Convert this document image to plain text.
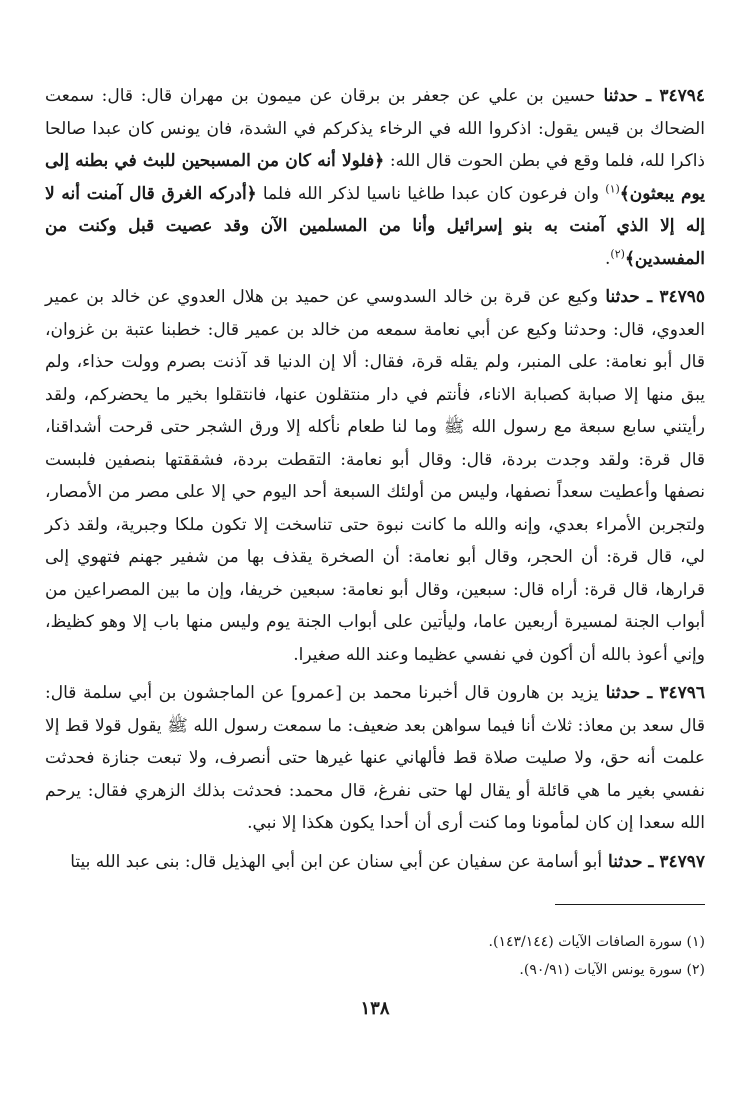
٣٤٧٩٤ ـ حدثنا حسين بن علي عن جعفر بن برقان عن ميمون بن مهران قال: قال: سمعت الضحاك بن قيس يقول: اذكروا الله في الرخاء يذكركم في الشدة، فان يونس كان عبدا صالحا ذاكرا لله، فلما وقع في بطن الحوت قال الله: ﴿فلولا أنه كان من المسبحين للبث في بطنه إلى يوم يبعثون﴾$^{(١)}$ وان فرعون كان عبدا طاغيا ناسيا لذكر الله فلما ﴿أدركه الغرق قال آمنت أنه لا إله إلا الذي آمنت به بنو إسرائيل وأنا من المسلمين الآن وقد عصيت قبل وكنت من المفسدين﴾$^{(٢)}$.

٣٤٧٩٥ ـ حدثنا وكيع عن قرة بن خالد السدوسي عن حميد بن هلال العدوي عن خالد بن عمير العدوي، قال: وحدثنا وكيع عن أبي نعامة سمعه من خالد بن عمير قال: خطبنا عتبة بن غزوان، قال أبو نعامة: على المنبر، ولم يقله قرة، فقال: ألا إن الدنيا قد آذنت بصرم وولت حذاء، ولم يبق منها إلا صبابة كصبابة الاناء، فأنتم في دار منتقلون عنها، فانتقلوا بخير ما يحضركم، ولقد رأيتني سابع سبعة مع رسول الله ﷺ وما لنا طعام نأكله إلا ورق الشجر حتى قرحت أشداقنا، قال قرة: ولقد وجدت بردة، قال: وقال أبو نعامة: التقطت بردة، فشققتها بنصفين فلبست نصفها وأعطيت سعداً نصفها، وليس من أولئك السبعة أحد اليوم حي إلا على مصر من الأمصار، ولتجربن الأمراء بعدي، وإنه والله ما كانت نبوة حتى تناسخت إلا تكون ملكا وجبرية، ولقد ذكر لي، قال قرة: أن الحجر، وقال أبو نعامة: أن الصخرة يقذف بها من شفير جهنم فتهوي إلى قرارها، قال قرة: أراه قال: سبعين، وقال أبو نعامة: سبعين خريفا، وإن ما بين المصراعين من أبواب الجنة لمسيرة أربعين عاما، وليأتين على أبواب الجنة يوم وليس منها باب إلا وهو كظيظ، وإني أعوذ بالله أن أكون في نفسي عظيما وعند الله صغيرا.

٣٤٧٩٦ ـ حدثنا يزيد بن هارون قال أخبرنا محمد بن [عمرو] عن الماجشون بن أبي سلمة قال: قال سعد بن معاذ: ثلاث أنا فيما سواهن بعد ضعيف: ما سمعت رسول الله ﷺ يقول قولا قط إلا علمت أنه حق، ولا صليت صلاة قط فألهاني عنها غيرها حتى أنصرف، ولا تبعت جنازة فحدثت نفسي بغير ما هي قائلة أو يقال لها حتى نفرغ، قال محمد: فحدثت بذلك الزهري فقال: يرحم الله سعدا إن كان لمأمونا وما كنت أرى أن أحدا يكون هكذا إلا نبي.

٣٤٧٩٧ ـ حدثنا أبو أسامة عن سفيان عن أبي سنان عن ابن أبي الهذيل قال: بنى عبد الله بيتا

(١) سورة الصافات الآيات (١٤٣/١٤٤).

(٢) سورة يونس الآيات (٩٠/٩١).

١٣٨
